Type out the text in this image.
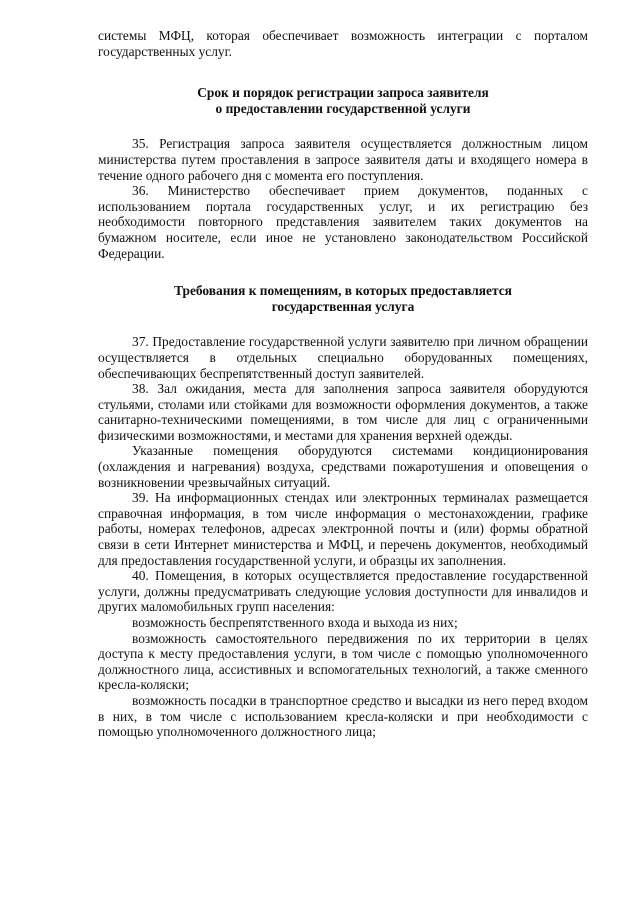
системы МФЦ, которая обеспечивает возможность интеграции с порталом государственных услуг.

Срок и порядок регистрации запроса заявителя
о предоставлении государственной услуги

35. Регистрация запроса заявителя осуществляется должностным лицом министерства путем проставления в запросе заявителя даты и входящего номера в течение одного рабочего дня с момента его поступления.

36. Министерство обеспечивает прием документов, поданных с использованием портала государственных услуг, и их регистрацию без необходимости повторного представления заявителем таких документов на бумажном носителе, если иное не установлено законодательством Российской Федерации.

Требования к помещениям, в которых предоставляется
государственная услуга

37. Предоставление государственной услуги заявителю при личном обращении осуществляется в отдельных специально оборудованных помещениях, обеспечивающих беспрепятственный доступ заявителей.

38. Зал ожидания, места для заполнения запроса заявителя оборудуются стульями, столами или стойками для возможности оформления документов, а также санитарно-техническими помещениями, в том числе для лиц с ограниченными физическими возможностями, и местами для хранения верхней одежды.

Указанные помещения оборудуются системами кондиционирования (охлаждения и нагревания) воздуха, средствами пожаротушения и оповещения о возникновении чрезвычайных ситуаций.

39. На информационных стендах или электронных терминалах размещается справочная информация, в том числе информация о местонахождении, графике работы, номерах телефонов, адресах электронной почты и (или) формы обратной связи в сети Интернет министерства и МФЦ, и перечень документов, необходимый для предоставления государственной услуги, и образцы их заполнения.

40. Помещения, в которых осуществляется предоставление государственной услуги, должны предусматривать следующие условия доступности для инвалидов и других маломобильных групп населения:

возможность беспрепятственного входа и выхода из них;

возможность самостоятельного передвижения по их территории в целях доступа к месту предоставления услуги, в том числе с помощью уполномоченного должностного лица, ассистивных и вспомогательных технологий, а также сменного кресла-коляски;

возможность посадки в транспортное средство и высадки из него перед входом в них, в том числе с использованием кресла-коляски и при необходимости с помощью уполномоченного должностного лица;
